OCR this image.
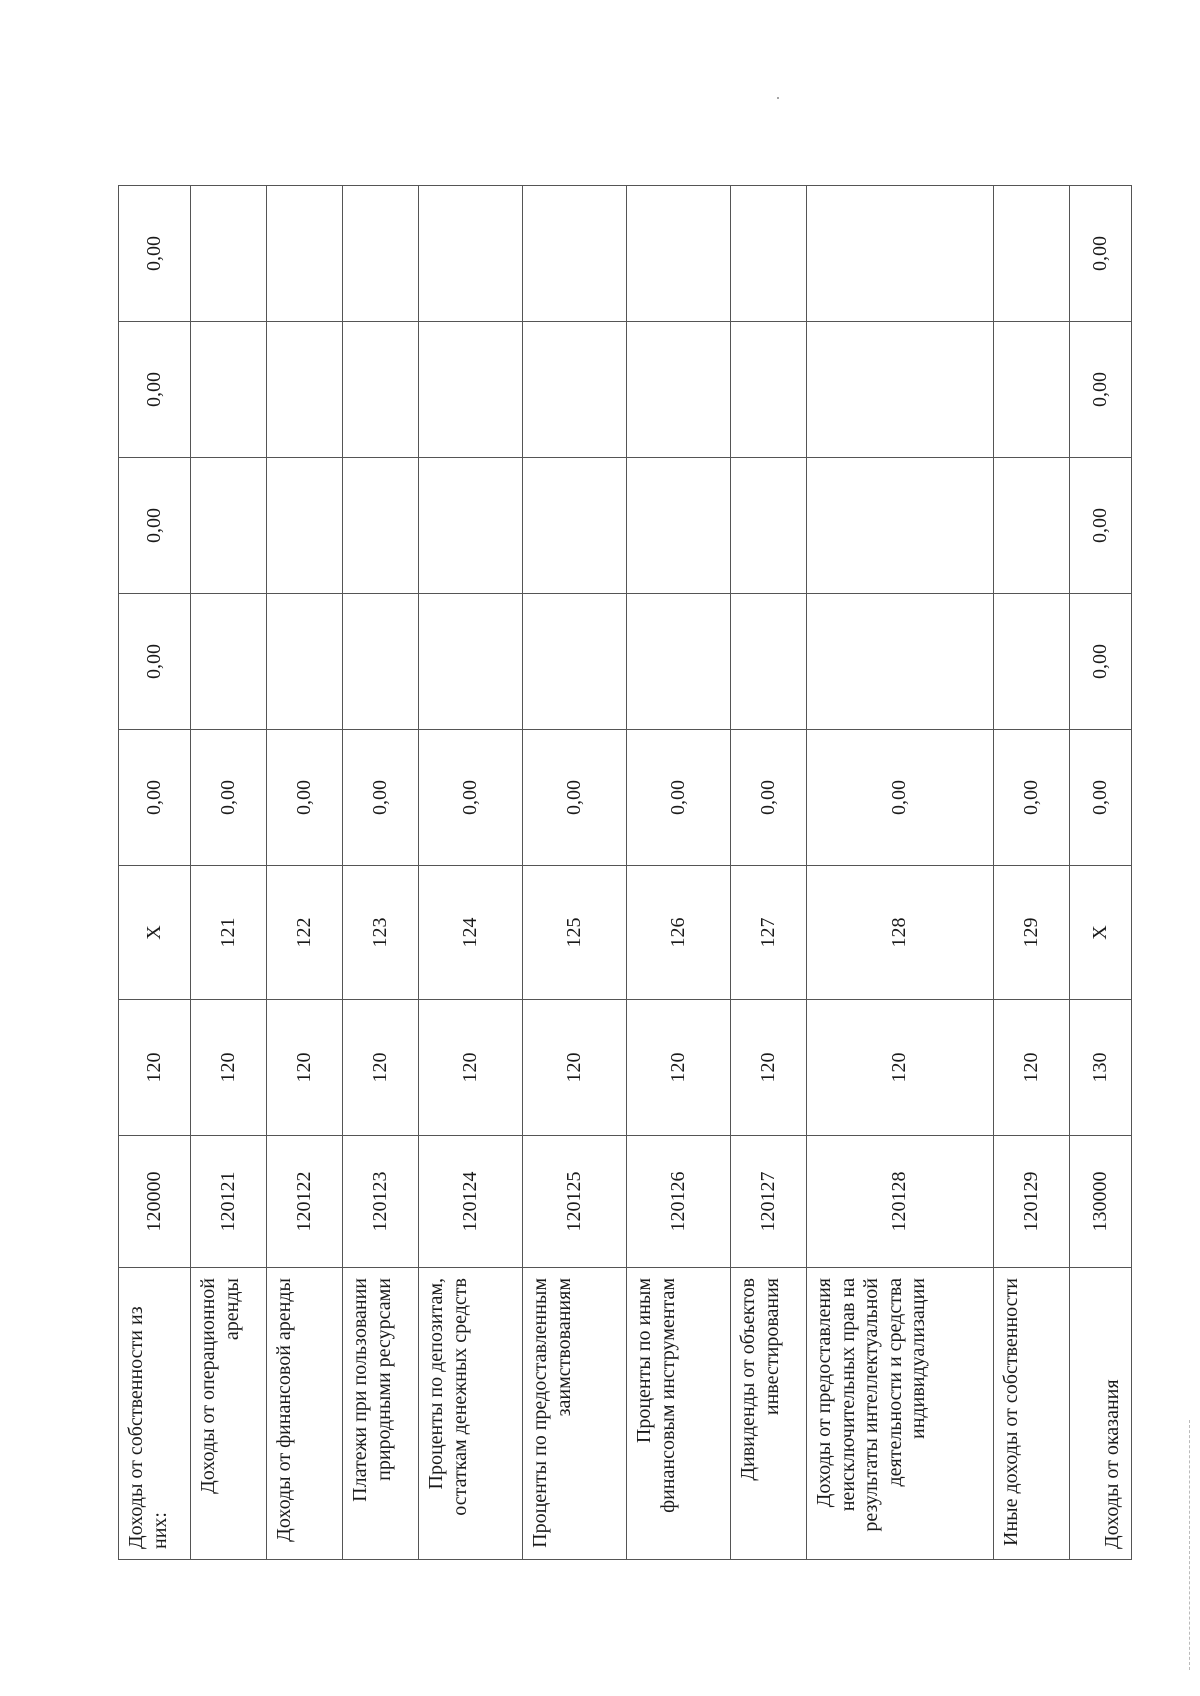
Доходы от собственности из них:	120000	120	X	0,00	0,00	0,00	0,00	0,00
Доходы от операционной аренды	120121	120	121	0,00				
Доходы от финансовой аренды	120122	120	122	0,00				
Платежи при пользовании природными ресурсами	120123	120	123	0,00				
Проценты по депозитам, остаткам денежных средств	120124	120	124	0,00				
Проценты по предоставленным заимствованиям	120125	120	125	0,00				
Проценты по иным финансовым инструментам	120126	120	126	0,00				
Дивиденды от объектов инвестирования	120127	120	127	0,00				
Доходы от предоставления неисключительных прав на результаты интеллектуальной деятельности и средства индивидуализации	120128	120	128	0,00				
Иные доходы от собственности	120129	120	129	0,00				
Доходы от оказания	130000	130	X	0,00	0,00	0,00	0,00	0,00
